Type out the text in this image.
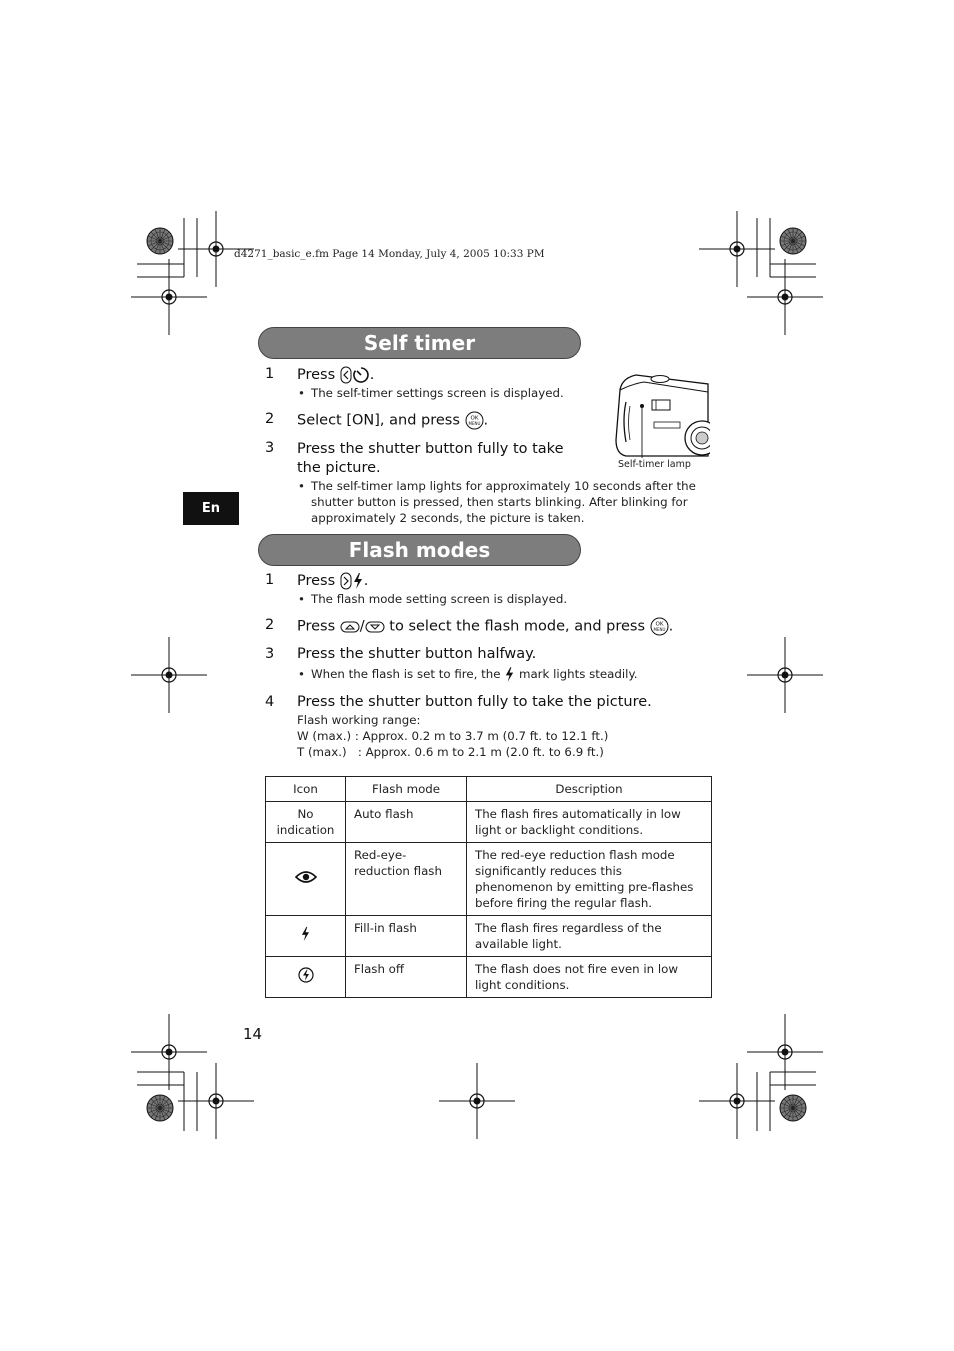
d4271_basic_e.fm Page 14 Monday, July 4, 2005 10:33 PM
En
Self timer
1 Press .
• The self-timer settings screen is displayed.
2 Select [ON], and press OK
MENU .
3 Press the shutter button fully to take the picture.
• The self-timer lamp lights for approximately 10 seconds after the shutter button is pressed, then starts blinking. After blinking for approximately 2 seconds, the picture is taken.
Self-timer lamp
Flash modes
1 Press .
• The flash mode setting screen is displayed.
2 Press / to select the flash mode, and press OK
MENU .
3 Press the shutter button halfway.
• When the flash is set to fire, the mark lights steadily.
4 Press the shutter button fully to take the picture.
Flash working range:
W (max.) : Approx. 0.2 m to 3.7 m (0.7 ft. to 12.1 ft.)
T (max.)   : Approx. 0.6 m to 2.1 m (2.0 ft. to 6.9 ft.)
Icon	Flash mode	Description
No indication	Auto flash	The flash fires automatically in low light or backlight conditions.
	Red-eye-reduction flash	The red-eye reduction flash mode significantly reduces this phenomenon by emitting pre-flashes before firing the regular flash.
	Fill-in flash	The flash fires regardless of the available light.
	Flash off	The flash does not fire even in low light conditions.
14
